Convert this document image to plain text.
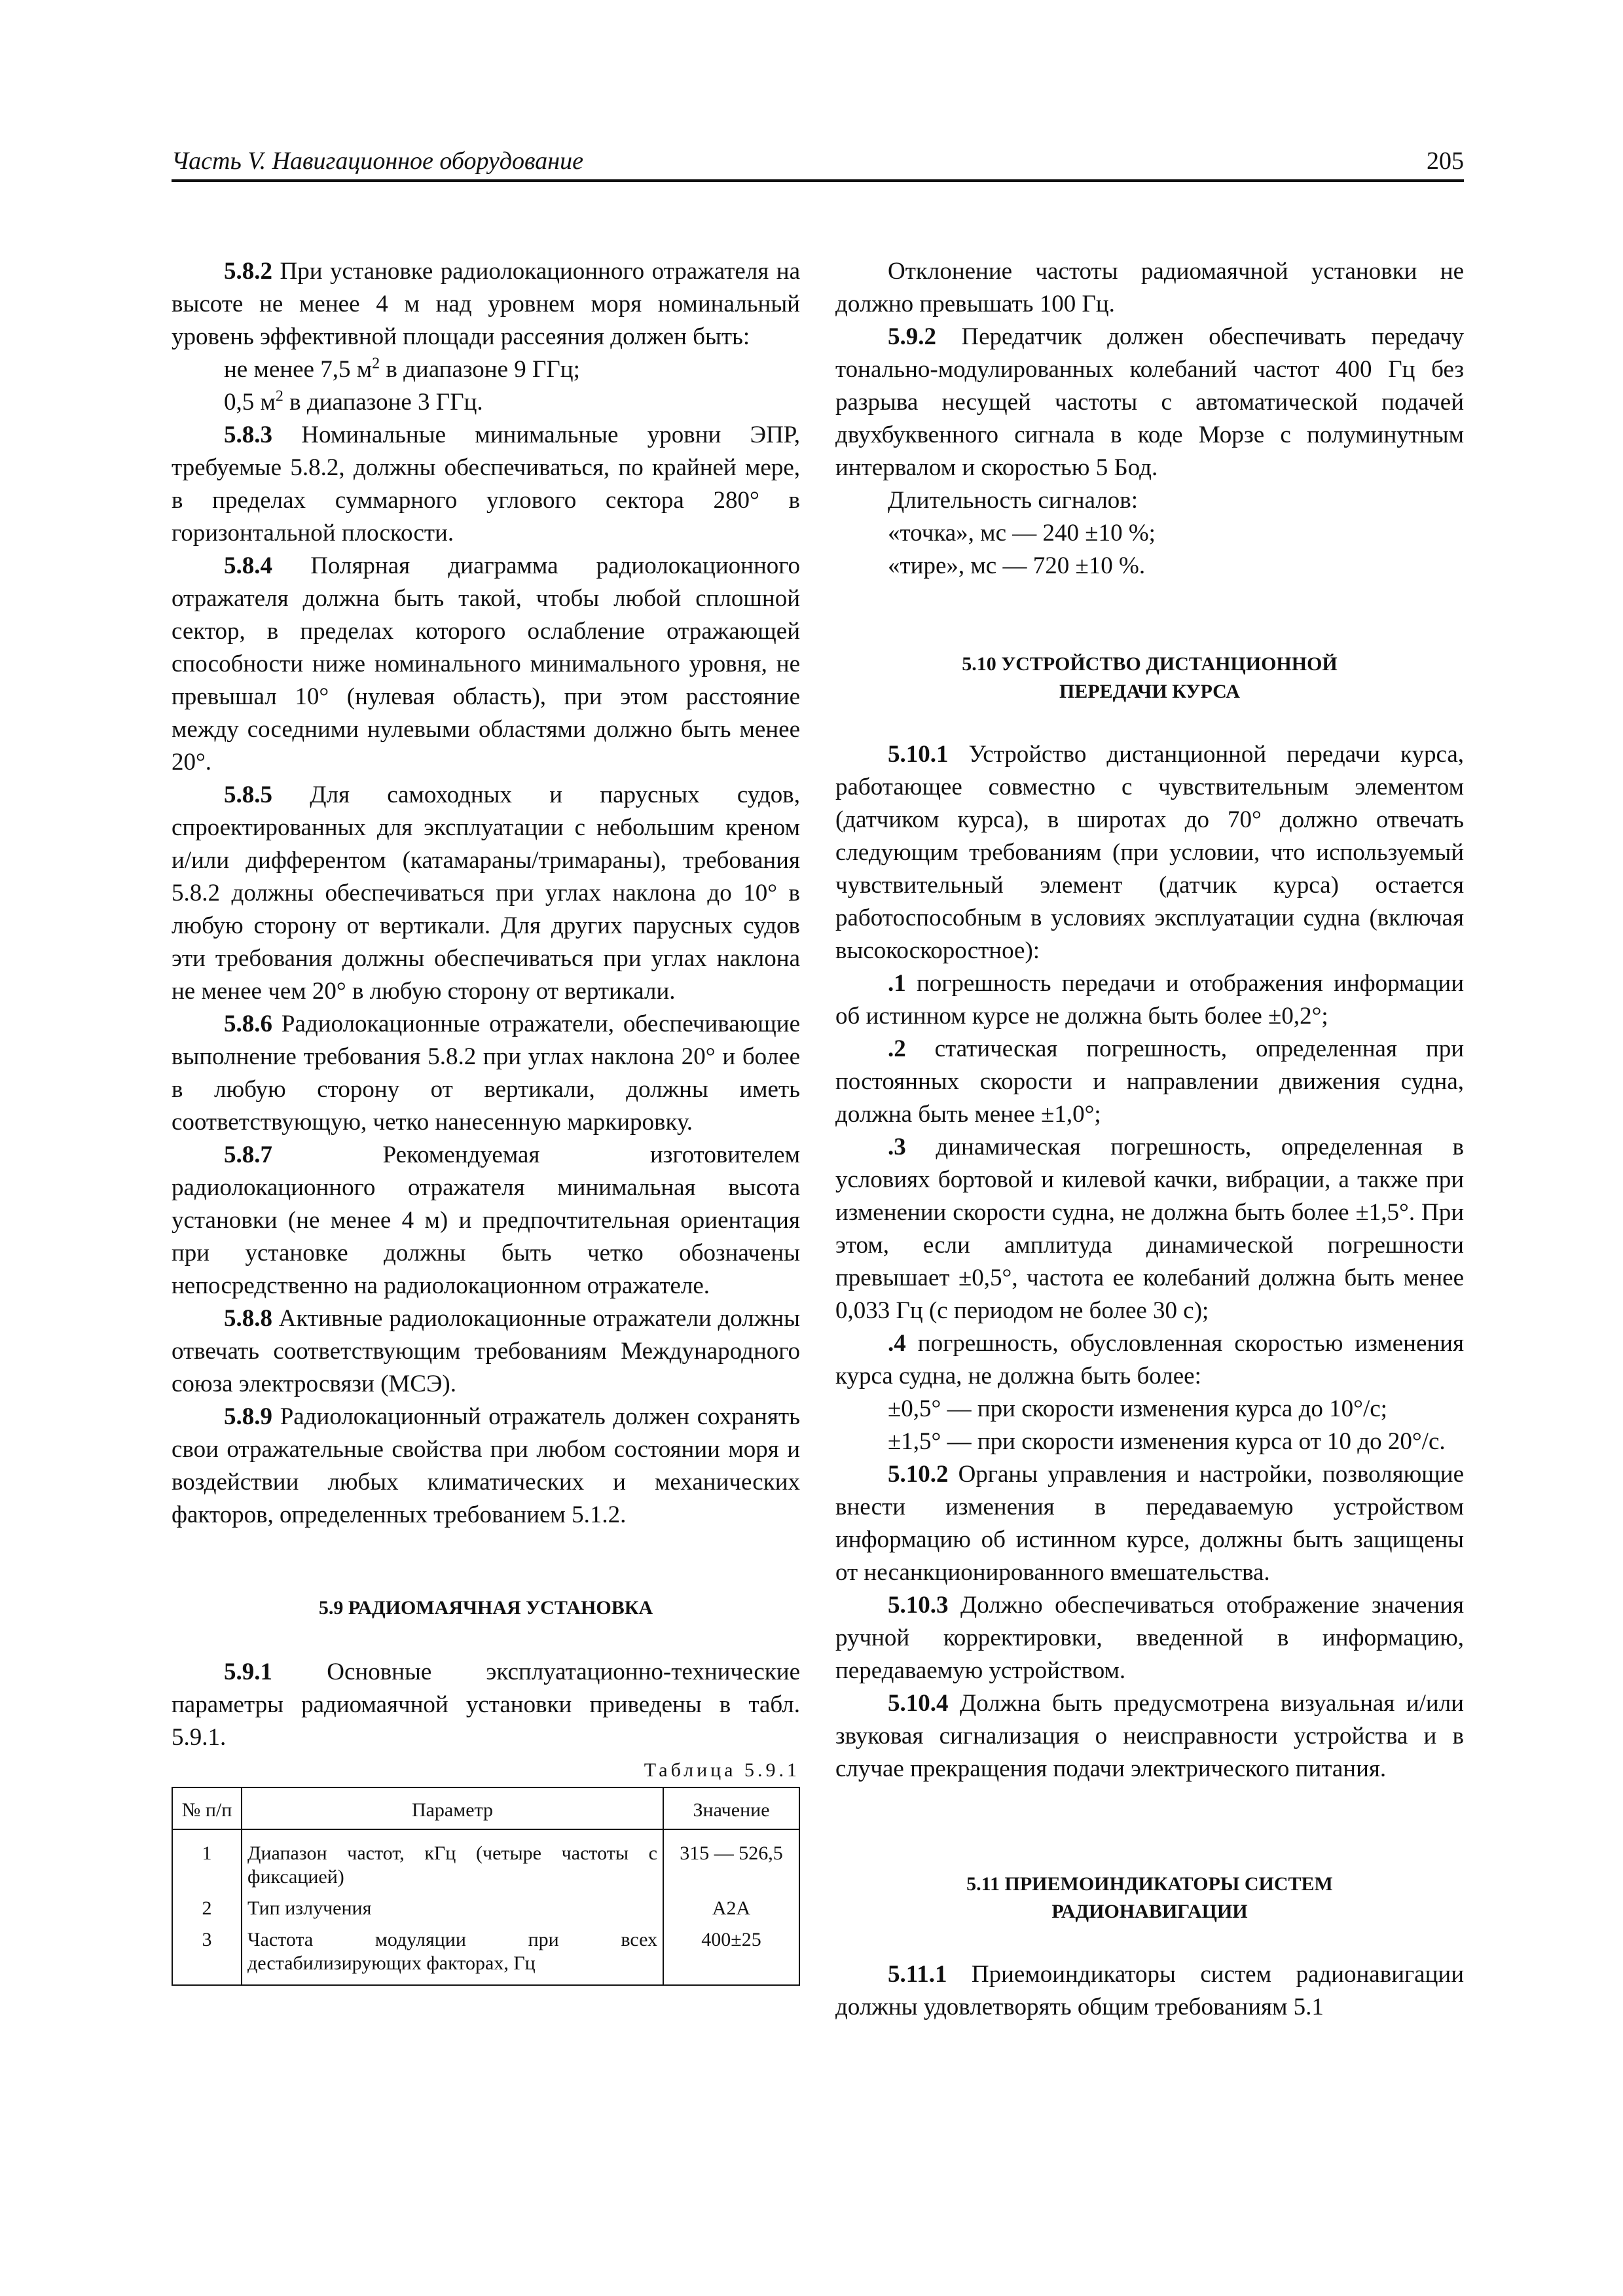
Часть V. Навигационное оборудование	205

5.8.2 При установке радиолокационного отражателя на высоте не менее 4 м над уровнем моря номинальный уровень эффективной площади рассеяния должен быть:

не менее 7,5 $м^2$ в диапазоне 9 ГГц;

0,5 $м^2$ в диапазоне 3 ГГц.

5.8.3 Номинальные минимальные уровни ЭПР, требуемые 5.8.2, должны обеспечиваться, по крайней мере, в пределах суммарного углового сектора 280° в горизонтальной плоскости.

5.8.4 Полярная диаграмма радиолокационного отражателя должна быть такой, чтобы любой сплошной сектор, в пределах которого ослабление отражающей способности ниже номинального минимального уровня, не превышал 10° (нулевая область), при этом расстояние между соседними нулевыми областями должно быть менее 20°.

5.8.5 Для самоходных и парусных судов, спроектированных для эксплуатации с небольшим креном и/или дифферентом (катамараны/тримараны), требования 5.8.2 должны обеспечиваться при углах наклона до 10° в любую сторону от вертикали. Для других парусных судов эти требования должны обеспечиваться при углах наклона не менее чем 20° в любую сторону от вертикали.

5.8.6 Радиолокационные отражатели, обеспечивающие выполнение требования 5.8.2 при углах наклона 20° и более в любую сторону от вертикали, должны иметь соответствующую, четко нанесенную маркировку.

5.8.7 Рекомендуемая изготовителем радиолокационного отражателя минимальная высота установки (не менее 4 м) и предпочтительная ориентация при установке должны быть четко обозначены непосредственно на радиолокационном отражателе.

5.8.8 Активные радиолокационные отражатели должны отвечать соответствующим требованиям Международного союза электросвязи (МСЭ).

5.8.9 Радиолокационный отражатель должен сохранять свои отражательные свойства при любом состоянии моря и воздействии любых климатических и механических факторов, определенных требованием 5.1.2.

5.9 РАДИОМАЯЧНАЯ УСТАНОВКА

5.9.1 Основные эксплуатационно-технические параметры радиомаячной установки приведены в табл. 5.9.1.

Таблица 5.9.1

№ п/п	Параметр	Значение
1	Диапазон частот, кГц (четыре частоты с фиксацией)	315 — 526,5
2	Тип излучения	A2A
3	Частота модуляции при всех дестабилизирующих факторах, Гц	400±25

Отклонение частоты радиомаячной установки не должно превышать 100 Гц.

5.9.2 Передатчик должен обеспечивать передачу тонально-модулированных колебаний частот 400 Гц без разрыва несущей частоты с автоматической подачей двухбуквенного сигнала в коде Морзе с полуминутным интервалом и скоростью 5 Бод.

Длительность сигналов:

«точка», мс — 240 ±10 %;

«тире», мс — 720 ±10 %.

5.10 УСТРОЙСТВО ДИСТАНЦИОННОЙ
ПЕРЕДАЧИ КУРСА

5.10.1 Устройство дистанционной передачи курса, работающее совместно с чувствительным элементом (датчиком курса), в широтах до 70° должно отвечать следующим требованиям (при условии, что используемый чувствительный элемент (датчик курса) остается работоспособным в условиях эксплуатации судна (включая высокоскоростное):

.1 погрешность передачи и отображения информации об истинном курсе не должна быть более ±0,2°;

.2 статическая погрешность, определенная при постоянных скорости и направлении движения судна, должна быть менее ±1,0°;

.3 динамическая погрешность, определенная в условиях бортовой и килевой качки, вибрации, а также при изменении скорости судна, не должна быть более ±1,5°. При этом, если амплитуда динамической погрешности превышает ±0,5°, частота ее колебаний должна быть менее 0,033 Гц (с периодом не более 30 с);

.4 погрешность, обусловленная скоростью изменения курса судна, не должна быть более:

±0,5° — при скорости изменения курса до 10°/с;

±1,5° — при скорости изменения курса от 10 до 20°/с.

5.10.2 Органы управления и настройки, позволяющие внести изменения в передаваемую устройством информацию об истинном курсе, должны быть защищены от несанкционированного вмешательства.

5.10.3 Должно обеспечиваться отображение значения ручной корректировки, введенной в информацию, передаваемую устройством.

5.10.4 Должна быть предусмотрена визуальная и/или звуковая сигнализация о неисправности устройства и в случае прекращения подачи электрического питания.

5.11 ПРИЕМОИНДИКАТОРЫ СИСТЕМ
РАДИОНАВИГАЦИИ

5.11.1 Приемоиндикаторы систем радионавигации должны удовлетворять общим требованиям 5.1
